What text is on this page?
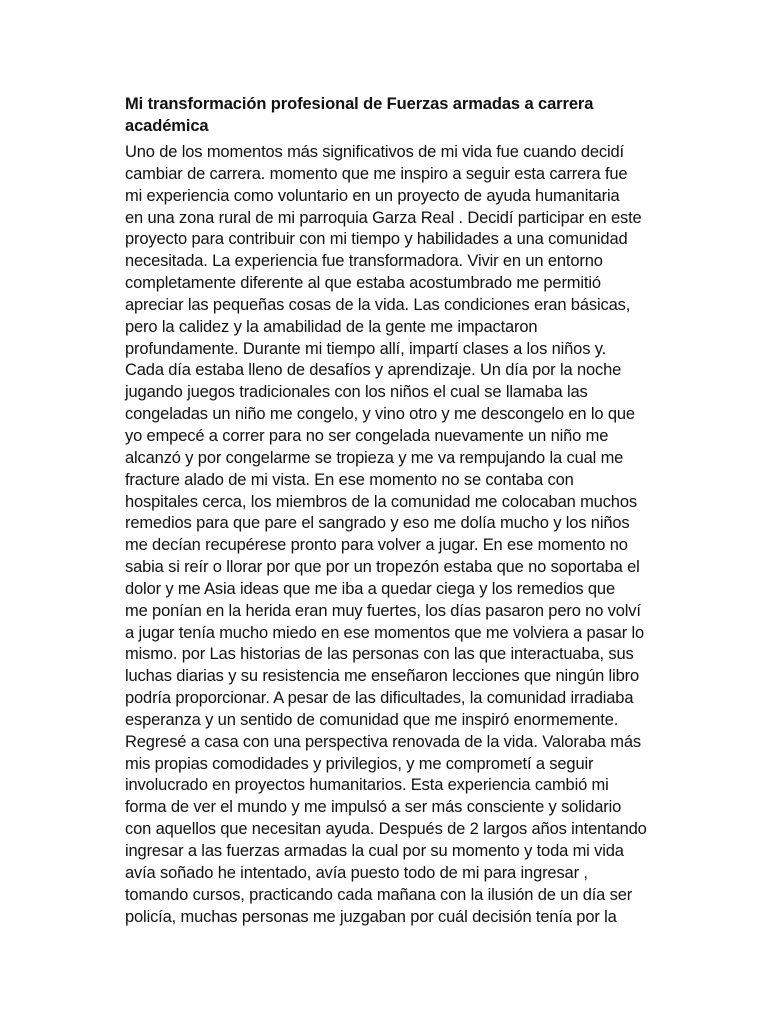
Mi transformación profesional de Fuerzas armadas a carrera
académica
Uno de los momentos más significativos de mi vida fue cuando decidí
cambiar de carrera. momento que me inspiro a seguir esta carrera fue
mi experiencia como voluntario en un proyecto de ayuda humanitaria
en una zona rural de mi parroquia Garza Real . Decidí participar en este
proyecto para contribuir con mi tiempo y habilidades a una comunidad
necesitada. La experiencia fue transformadora. Vivir en un entorno
completamente diferente al que estaba acostumbrado me permitió
apreciar las pequeñas cosas de la vida. Las condiciones eran básicas,
pero la calidez y la amabilidad de la gente me impactaron
profundamente. Durante mi tiempo allí, impartí clases a los niños y.
Cada día estaba lleno de desafíos y aprendizaje. Un día por la noche
jugando juegos tradicionales con los niños el cual se llamaba las
congeladas un niño me congelo, y vino otro y me descongelo en lo que
yo empecé a correr para no ser congelada nuevamente un niño me
alcanzó y por congelarme se tropieza y me va rempujando la cual me
fracture alado de mi vista. En ese momento no se contaba con
hospitales cerca, los miembros de la comunidad me colocaban muchos
remedios para que pare el sangrado y eso me dolía mucho y los niños
me decían recupérese pronto para volver a jugar. En ese momento no
sabia si reír o llorar por que por un tropezón estaba que no soportaba el
dolor y me Asia ideas que me iba a quedar ciega y los remedios que
me ponían en la herida eran muy fuertes, los días pasaron pero no volví
a jugar tenía mucho miedo en ese momentos que me volviera a pasar lo
mismo. por Las historias de las personas con las que interactuaba, sus
luchas diarias y su resistencia me enseñaron lecciones que ningún libro
podría proporcionar. A pesar de las dificultades, la comunidad irradiaba
esperanza y un sentido de comunidad que me inspiró enormemente.
Regresé a casa con una perspectiva renovada de la vida. Valoraba más
mis propias comodidades y privilegios, y me comprometí a seguir
involucrado en proyectos humanitarios. Esta experiencia cambió mi
forma de ver el mundo y me impulsó a ser más consciente y solidario
con aquellos que necesitan ayuda. Después de 2 largos años intentando
ingresar a las fuerzas armadas la cual por su momento y toda mi vida
avía soñado he intentado, avía puesto todo de mi para ingresar ,
tomando cursos, practicando cada mañana con la ilusión de un día ser
policía, muchas personas me juzgaban por cuál decisión tenía por la
